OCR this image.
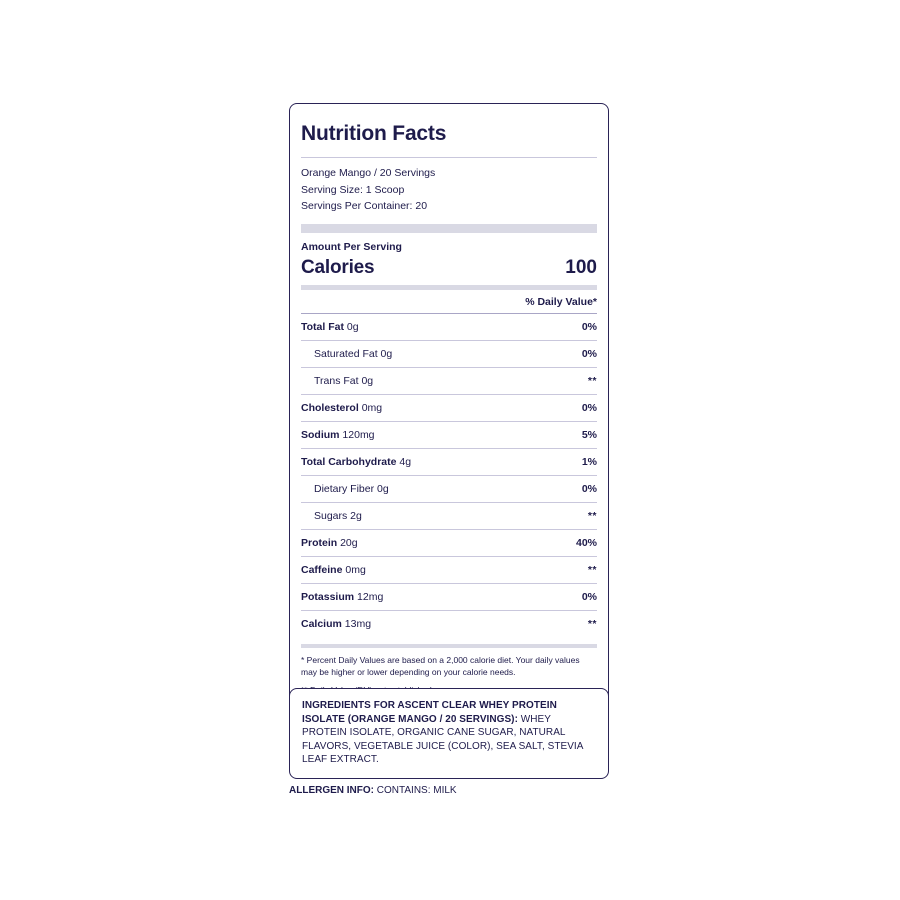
Nutrition Facts
Orange Mango / 20 Servings
Serving Size: 1 Scoop
Servings Per Container: 20
Amount Per Serving
Calories	100
% Daily Value*
Total Fat 0g	0%
Saturated Fat 0g	0%
Trans Fat 0g	**
Cholesterol 0mg	0%
Sodium 120mg	5%
Total Carbohydrate 4g	1%
Dietary Fiber 0g	0%
Sugars 2g	**
Protein 20g	40%
Caffeine 0mg	**
Potassium 12mg	0%
Calcium 13mg	**

* Percent Daily Values are based on a 2,000 calorie diet. Your daily values may be higher or lower depending on your calorie needs.

INGREDIENTS FOR ASCENT CLEAR WHEY PROTEIN ISOLATE (ORANGE MANGO / 20 SERVINGS): WHEY PROTEIN ISOLATE, ORGANIC CANE SUGAR, NATURAL FLAVORS, VEGETABLE JUICE (COLOR), SEA SALT, STEVIA LEAF EXTRACT.
ALLERGEN INFO: CONTAINS: MILK
